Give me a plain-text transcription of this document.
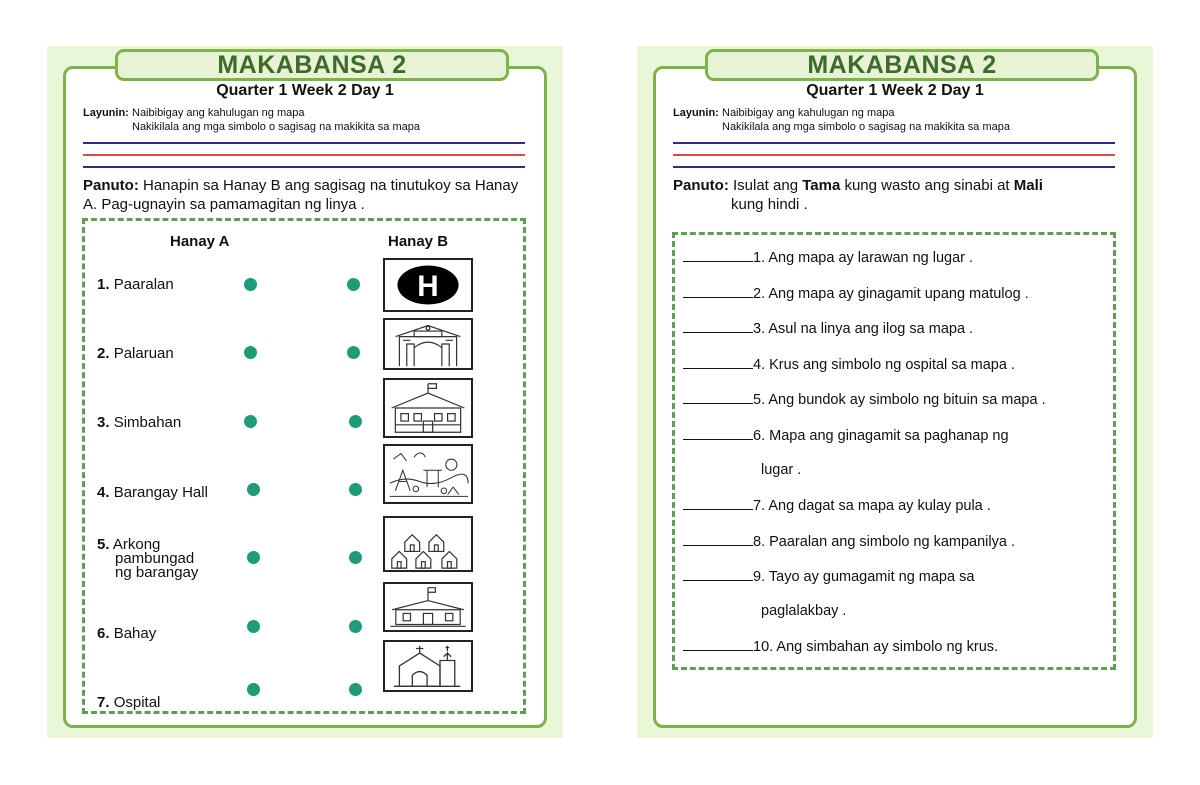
MAKABANSA 2
Quarter 1 Week 2 Day 1
Layunin: Naibibigay ang kahulugan ng mapa
Nakikilala ang mga simbolo o sagisag na makikita sa mapa
Panuto: Hanapin sa Hanay B ang sagisag na tinutukoy sa Hanay A. Pag-ugnayin sa pamamagitan ng linya .
Hanay A	Hanay B
1. Paaralan
2. Palaruan
3. Simbahan
4. Barangay Hall
5. Arkong
pambungad
ng barangay
6. Bahay
7. Ospital
H
MAKABANSA 2
Quarter 1 Week 2 Day 1
Layunin: Naibibigay ang kahulugan ng mapa
Nakikilala ang mga simbolo o sagisag na makikita sa mapa
Panuto: Isulat ang Tama kung wasto ang sinabi at Mali
kung hindi .
1. Ang mapa ay larawan ng lugar .
2. Ang mapa ay ginagamit upang matulog .
3. Asul na linya ang ilog sa mapa .
4. Krus ang simbolo ng ospital sa mapa .
5. Ang bundok ay simbolo ng bituin sa mapa .
6. Mapa ang ginagamit sa paghanap ng
lugar .
7. Ang dagat sa mapa ay kulay pula .
8. Paaralan ang simbolo ng kampanilya .
9. Tayo ay gumagamit ng mapa sa
paglalakbay .
10. Ang simbahan ay simbolo ng krus.
